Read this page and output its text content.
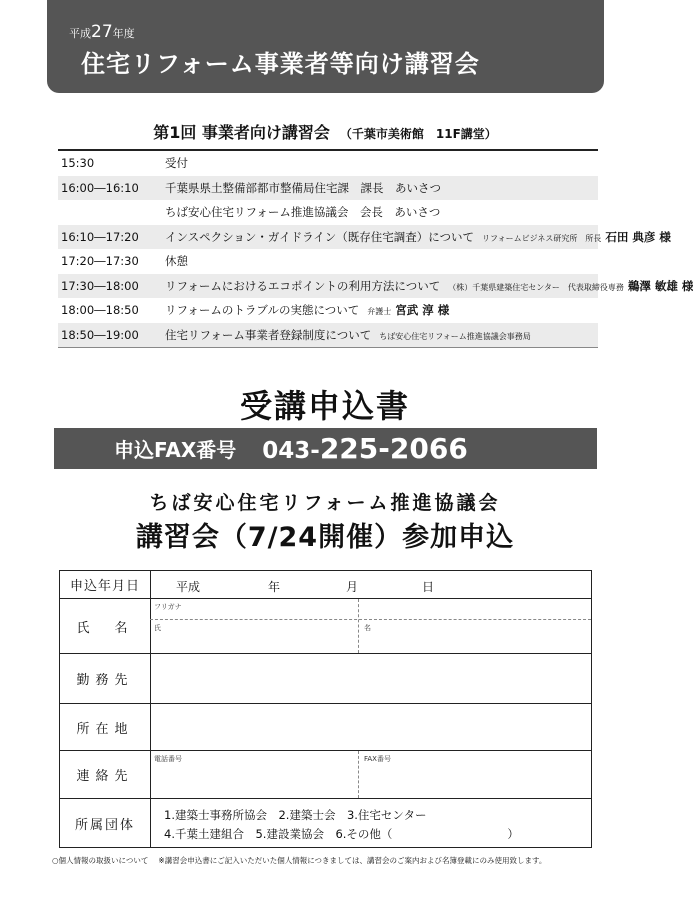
平成27年度
住宅リフォーム事業者等向け講習会
第1回 事業者向け講習会 （千葉市美術館　11F講堂）
15:30	受付
16:00―16:10	千葉県県土整備部都市整備局住宅課　課長　あいさつ
ちば安心住宅リフォーム推進協議会　会長　あいさつ
16:10―17:20	インスペクション・ガイドライン（既存住宅調査）について リフォームビジネス研究所　所長 石田 典彦 様
17:20―17:30	休憩
17:30―18:00	リフォームにおけるエコポイントの利用方法について （株）千葉県建築住宅センター　代表取締役専務 鵜澤 敏雄 様
18:00―18:50	リフォームのトラブルの実態について 弁護士 宮武 淳 様
18:50―19:00	住宅リフォーム事業者登録制度について ちば安心住宅リフォーム推進協議会事務局
受講申込書
申込FAX番号 043-225-2066
ちば安心住宅リフォーム推進協議会
講習会（7/24開催）参加申込
申込年月日	平成	年	月	日
氏　名
フリガナ
氏	名
勤務先
所在地
連絡先
電話番号	FAX番号
所属団体
1.建築士事務所協会　2.建築士会　3.住宅センター
4.千葉土建組合　5.建設業協会　6.その他（　　　　　　　　　　）
○個人情報の取扱いについて ※講習会申込書にご記入いただいた個人情報につきましては、講習会のご案内および名簿登載にのみ使用致します。
